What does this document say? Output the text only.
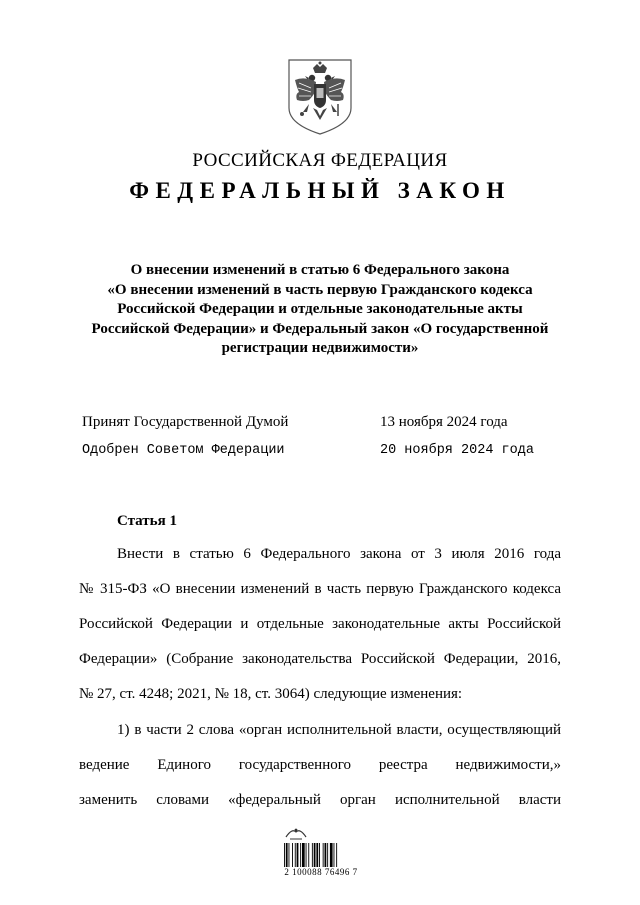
РОССИЙСКАЯ ФЕДЕРАЦИЯ
ФЕДЕРАЛЬНЫЙ ЗАКОН
О внесении изменений в статью 6 Федерального закона
«О внесении изменений в часть первую Гражданского кодекса
Российской Федерации и отдельные законодательные акты
Российской Федерации» и Федеральный закон «О государственной
регистрации недвижимости»
Принят Государственной Думой	13 ноября 2024 года
Одобрен Советом Федерации	20 ноября 2024 года
Статья 1
Внести в статью 6 Федерального закона от 3 июля 2016 года
№ 315-ФЗ «О внесении изменений в часть первую Гражданского кодекса
Российской Федерации и отдельные законодательные акты Российской
Федерации» (Собрание законодательства Российской Федерации, 2016,
№ 27, ст. 4248; 2021, № 18, ст. 3064) следующие изменения:
1) в части 2 слова «орган исполнительной власти, осуществляющий
ведение Единого государственного реестра недвижимости,»
заменить словами «федеральный орган исполнительной власти
2 100088 76496 7
